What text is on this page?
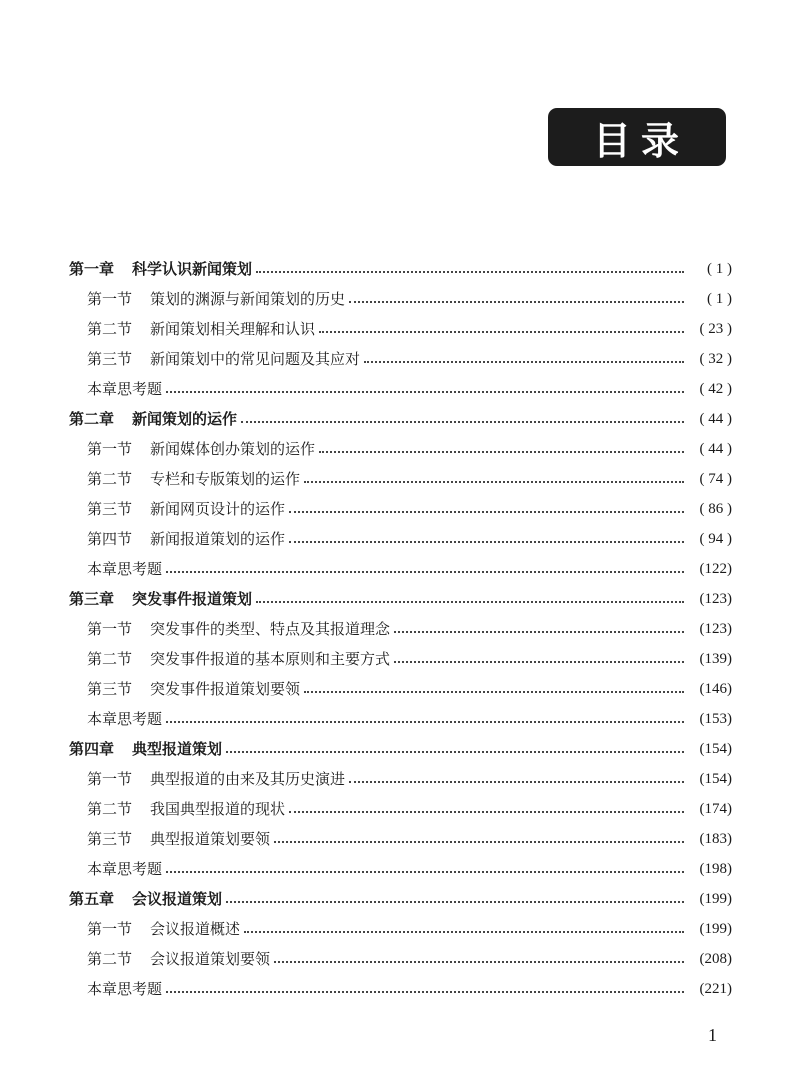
目录
第一章 科学认识新闻策划	( 1 )
第一节 策划的渊源与新闻策划的历史	( 1 )
第二节 新闻策划相关理解和认识	( 23 )
第三节 新闻策划中的常见问题及其应对	( 32 )
本章思考题	( 42 )
第二章 新闻策划的运作	( 44 )
第一节 新闻媒体创办策划的运作	( 44 )
第二节 专栏和专版策划的运作	( 74 )
第三节 新闻网页设计的运作	( 86 )
第四节 新闻报道策划的运作	( 94 )
本章思考题	(122)
第三章 突发事件报道策划	(123)
第一节 突发事件的类型、特点及其报道理念	(123)
第二节 突发事件报道的基本原则和主要方式	(139)
第三节 突发事件报道策划要领	(146)
本章思考题	(153)
第四章 典型报道策划	(154)
第一节 典型报道的由来及其历史演进	(154)
第二节 我国典型报道的现状	(174)
第三节 典型报道策划要领	(183)
本章思考题	(198)
第五章 会议报道策划	(199)
第一节 会议报道概述	(199)
第二节 会议报道策划要领	(208)
本章思考题	(221)
1
